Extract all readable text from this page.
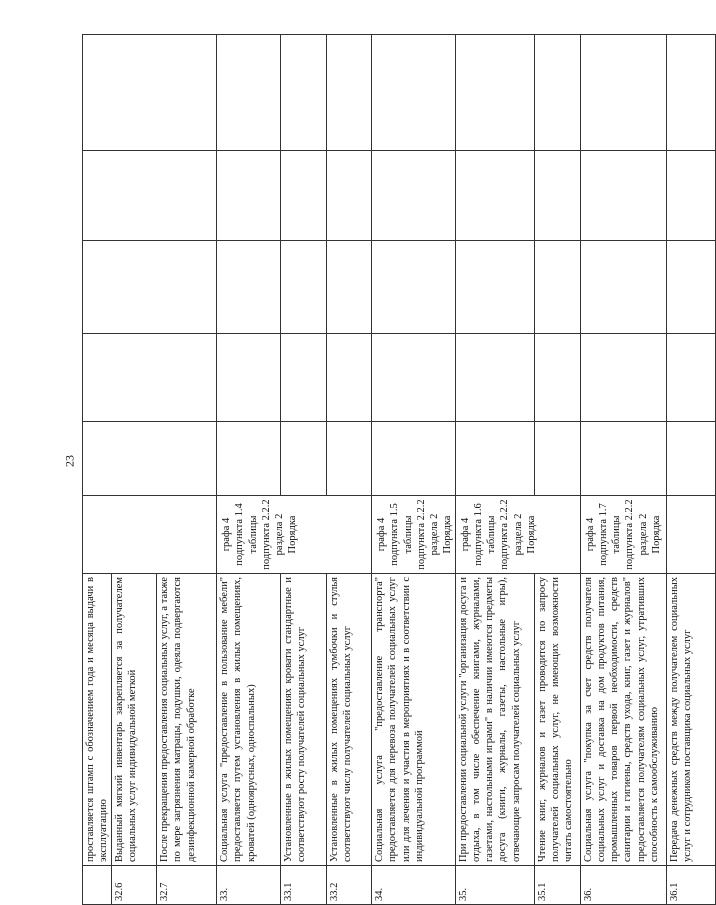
23
	проставляется штамп с обозначением года и месяца выдачи в эксплуатацию						
32.6	Выданный мягкий инвентарь закрепляется за получателем социальных услуг индивидуальной меткой						
32.7	После прекращения предоставления социальных услуг, а также по мере загрязнения матрацы, подушки, одеяла подвергаются дезинфекционной камерной обработке						
33.	Социальная услуга "предоставление в пользование мебели" предоставляется путем установления в жилых помещениях, кроватей (одноярусных, односпальных)	графа 4 подпункта 1.4 таблицы подпункта 2.2.2 раздела 2 Порядка					
33.1	Установленные в жилых помещениях кровати стандартные и соответствуют росту получателей социальных услуг						
33.2	Установленные в жилых помещениях тумбочки и стулья соответствуют числу получателей социальных услуг						
34.	Социальная услуга "предоставление транспорта" предоставляется для перевоза получателей социальных услуг или для лечения и участия в мероприятиях и в соответствии с индивидуальной программой	графа 4 подпункта 1.5 таблицы подпункта 2.2.2 раздела 2 Порядка					
35.	При предоставлении социальной услуги "организация досуга и отдыха, в том числе обеспечение книгами, журналами, газетами, настольными играми" в наличии имеются предметы досуга (книги, журналы, газеты, настольные игры), отвечающие запросам получателей социальных услуг	графа 4 подпункта 1.6 таблицы подпункта 2.2.2 раздела 2 Порядка					
35.1	Чтение книг, журналов и газет проводится по запросу получателей социальных услуг, не имеющих возможности читать самостоятельно						
36.	Социальная услуга "покупка за счет средств получателя социальных услуг и доставка на дом продуктов питания, промышленных товаров первой необходимости, средств санитарии и гигиены, средств ухода, книг, газет и журналов" предоставляется получателям социальных услуг, утративших способность к самообслуживанию	графа 4 подпункта 1.7 таблицы подпункта 2.2.2 раздела 2 Порядка					
36.1	Передача денежных средств между получателем социальных услуг и сотрудником поставщика социальных услуг						
